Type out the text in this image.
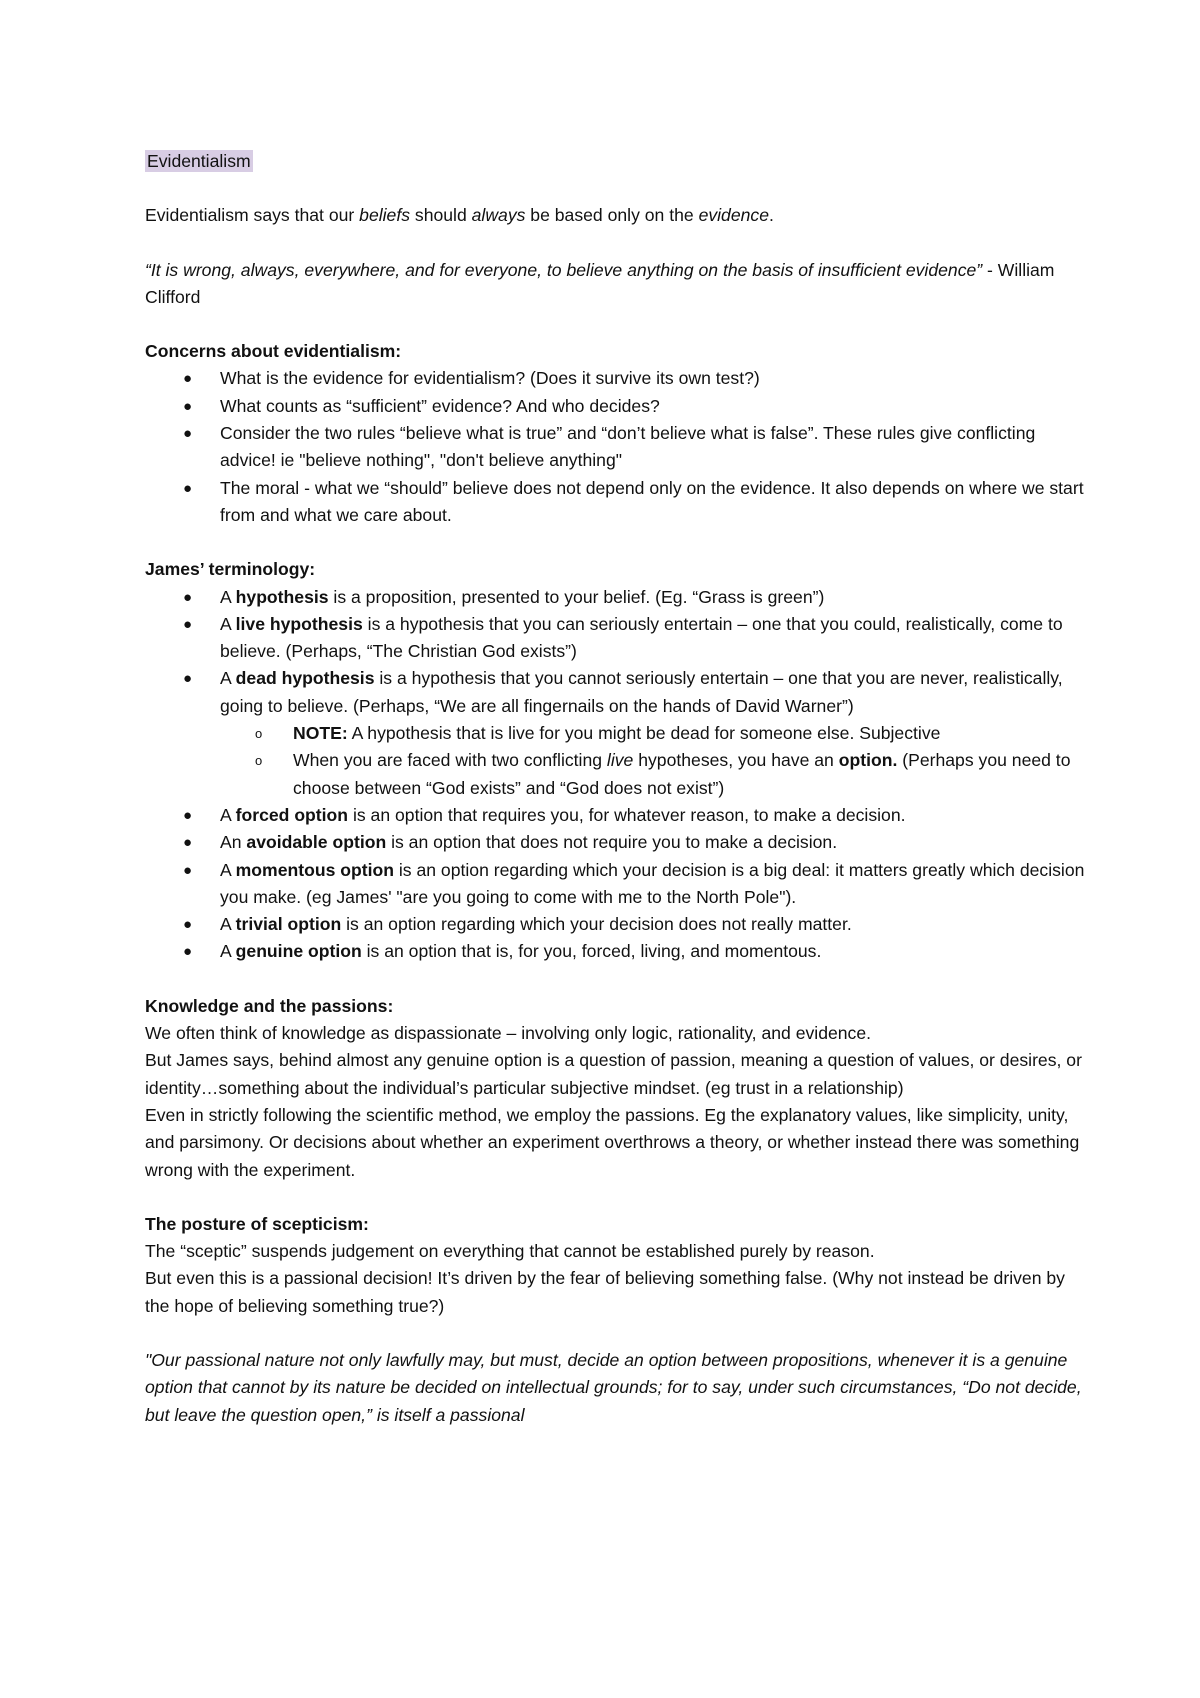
Evidentialism

Evidentialism says that our beliefs should always be based only on the evidence.

“It is wrong, always, everywhere, and for everyone, to believe anything on the basis of insufficient evidence” - William Clifford

Concerns about evidentialism:

● What is the evidence for evidentialism? (Does it survive its own test?)
● What counts as “sufficient” evidence? And who decides?
● Consider the two rules “believe what is true” and “don’t believe what is false”. These rules give conflicting advice! ie "believe nothing", "don't believe anything"
● The moral - what we “should” believe does not depend only on the evidence. It also depends on where we start from and what we care about.

James’ terminology:

● A hypothesis is a proposition, presented to your belief. (Eg. “Grass is green”)
● A live hypothesis is a hypothesis that you can seriously entertain – one that you could, realistically, come to believe. (Perhaps, “The Christian God exists”)
● A dead hypothesis is a hypothesis that you cannot seriously entertain – one that you are never, realistically, going to believe. (Perhaps, “We are all fingernails on the hands of David Warner”)
o NOTE: A hypothesis that is live for you might be dead for someone else. Subjective
o When you are faced with two conflicting live hypotheses, you have an option. (Perhaps you need to choose between “God exists” and “God does not exist”)
● A forced option is an option that requires you, for whatever reason, to make a decision.
● An avoidable option is an option that does not require you to make a decision.
● A momentous option is an option regarding which your decision is a big deal: it matters greatly which decision you make. (eg James' "are you going to come with me to the North Pole").
● A trivial option is an option regarding which your decision does not really matter.
● A genuine option is an option that is, for you, forced, living, and momentous.

Knowledge and the passions:

We often think of knowledge as dispassionate – involving only logic, rationality, and evidence.

But James says, behind almost any genuine option is a question of passion, meaning a question of values, or desires, or identity…something about the individual’s particular subjective mindset. (eg trust in a relationship)

Even in strictly following the scientific method, we employ the passions. Eg the explanatory values, like simplicity, unity, and parsimony. Or decisions about whether an experiment overthrows a theory, or whether instead there was something wrong with the experiment.

The posture of scepticism:

The “sceptic” suspends judgement on everything that cannot be established purely by reason.

But even this is a passional decision! It’s driven by the fear of believing something false. (Why not instead be driven by the hope of believing something true?)

"Our passional nature not only lawfully may, but must, decide an option between propositions, whenever it is a genuine option that cannot by its nature be decided on intellectual grounds; for to say, under such circumstances, “Do not decide, but leave the question open,” is itself a passional
